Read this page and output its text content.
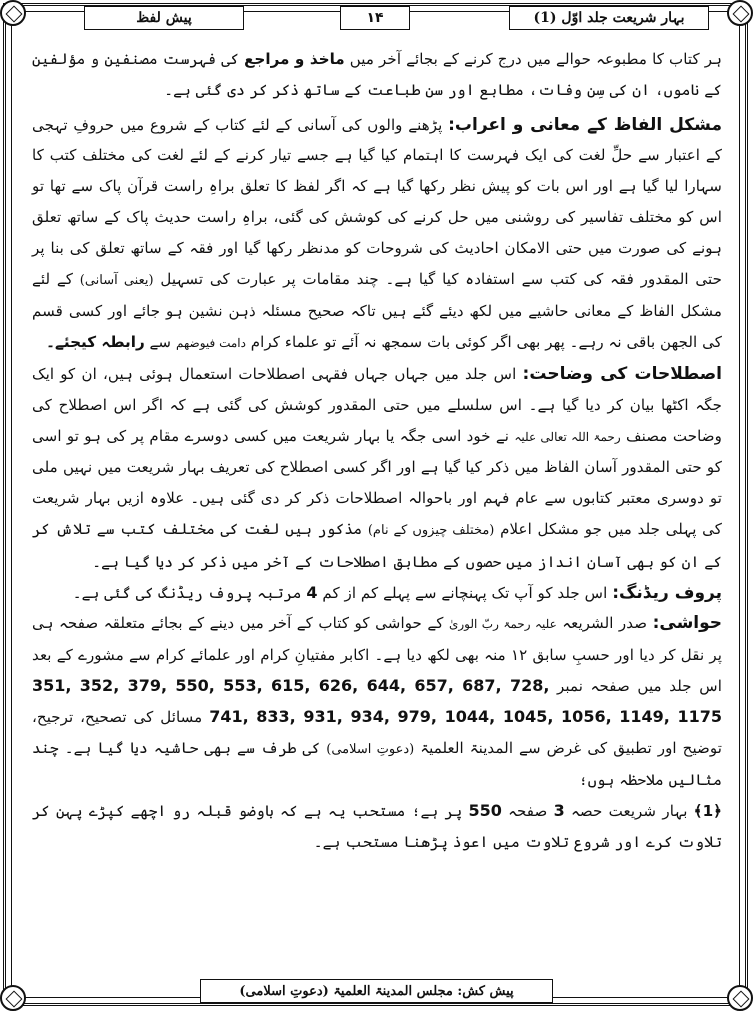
بہار شریعت جلد اوّل (1)
۱۴
پیش لفظ

ہر کتاب کا مطبوعہ حوالے میں درج کرنے کے بجائے آخر میں ماخذ و مراجع کی فہرست مصنفین و مؤلفین کے ناموں، ان کی سِن وفات، مطابع اور سن طباعت کے ساتھ ذکر کر دی گئی ہے۔

مشکل الفاظ کے معانی و اعراب: پڑھنے والوں کی آسانی کے لئے کتاب کے شروع میں حروفِ تہجی کے اعتبار سے حلِّ لغت کی ایک فہرست کا اہتمام کیا گیا ہے جسے تیار کرنے کے لئے لغت کی مختلف کتب کا سہارا لیا گیا ہے اور اس بات کو پیش نظر رکھا گیا ہے کہ اگر لفظ کا تعلق براہِ راست قرآن پاک سے تھا تو اس کو مختلف تفاسیر کی روشنی میں حل کرنے کی کوشش کی گئی، براہِ راست حدیث پاک کے ساتھ تعلق ہونے کی صورت میں حتی الامکان احادیث کی شروحات کو مدنظر رکھا گیا اور فقہ کے ساتھ تعلق کی بنا پر حتی المقدور فقہ کی کتب سے استفادہ کیا گیا ہے۔ چند مقامات پر عبارت کی تسہیل (یعنی آسانی) کے لئے مشکل الفاظ کے معانی حاشیے میں لکھ دیئے گئے ہیں تاکہ صحیح مسئلہ ذہن نشین ہو جائے اور کسی قسم کی الجھن باقی نہ رہے۔ پھر بھی اگر کوئی بات سمجھ نہ آئے تو علماء کرام دامت فیوضھم سے رابطہ کیجئے۔

اصطلاحات کی وضاحت: اس جلد میں جہاں جہاں فقہی اصطلاحات استعمال ہوئی ہیں، ان کو ایک جگہ اکٹھا بیان کر دیا گیا ہے۔ اس سلسلے میں حتی المقدور کوشش کی گئی ہے کہ اگر اس اصطلاح کی وضاحت مصنف رحمۃ اللہ تعالی علیہ نے خود اسی جگہ یا بہار شریعت میں کسی دوسرے مقام پر کی ہو تو اسی کو حتی المقدور آسان الفاظ میں ذکر کیا گیا ہے اور اگر کسی اصطلاح کی تعریف بہار شریعت میں نہیں ملی تو دوسری معتبر کتابوں سے عام فہم اور باحوالہ اصطلاحات ذکر کر دی گئی ہیں۔ علاوہ ازیں بہار شریعت کی پہلی جلد میں جو مشکل اعلام (مختلف چیزوں کے نام) مذکور ہیں لغت کی مختلف کتب سے تلاش کر کے ان کو بھی آسان انداز میں حصوں کے مطابق اصطلاحات کے آخر میں ذکر کر دیا گیا ہے۔

پروف ریڈنگ: اس جلد کو آپ تک پہنچانے سے پہلے کم از کم 4 مرتبہ پروف ریڈنگ کی گئی ہے۔

حواشی: صدر الشریعہ علیہ رحمۃ ربّ الوریٰ کے حواشی کو کتاب کے آخر میں دینے کے بجائے متعلقہ صفحہ ہی پر نقل کر دیا اور حسبِ سابق ۱۲ منہ بھی لکھ دیا ہے۔ اکابر مفتیانِ کرام اور علمائے کرام سے مشورے کے بعد اس جلد میں صفحہ نمبر 351, 352, 379, 550, 553, 615, 626, 644, 657, 687, 728, 741, 833, 931, 934, 979, 1044, 1045, 1056, 1149, 1175 مسائل کی تصحیح، ترجیح، توضیح اور تطبیق کی غرض سے المدینۃ العلمیۃ (دعوتِ اسلامی) کی طرف سے بھی حاشیہ دیا گیا ہے۔ چند مثالیں ملاحظہ ہوں؛

﴿1﴾ بہار شریعت حصہ 3 صفحہ 550 پر ہے؛ مستحب یہ ہے کہ باوضو قبلہ رو اچھے کپڑے پہن کر تلاوت کرے اور شروع تلاوت میں اعوذ پڑھنا مستحب ہے۔

پیش کش:

مجلس المدینۃ العلمیۃ

(دعوتِ اسلامی)
